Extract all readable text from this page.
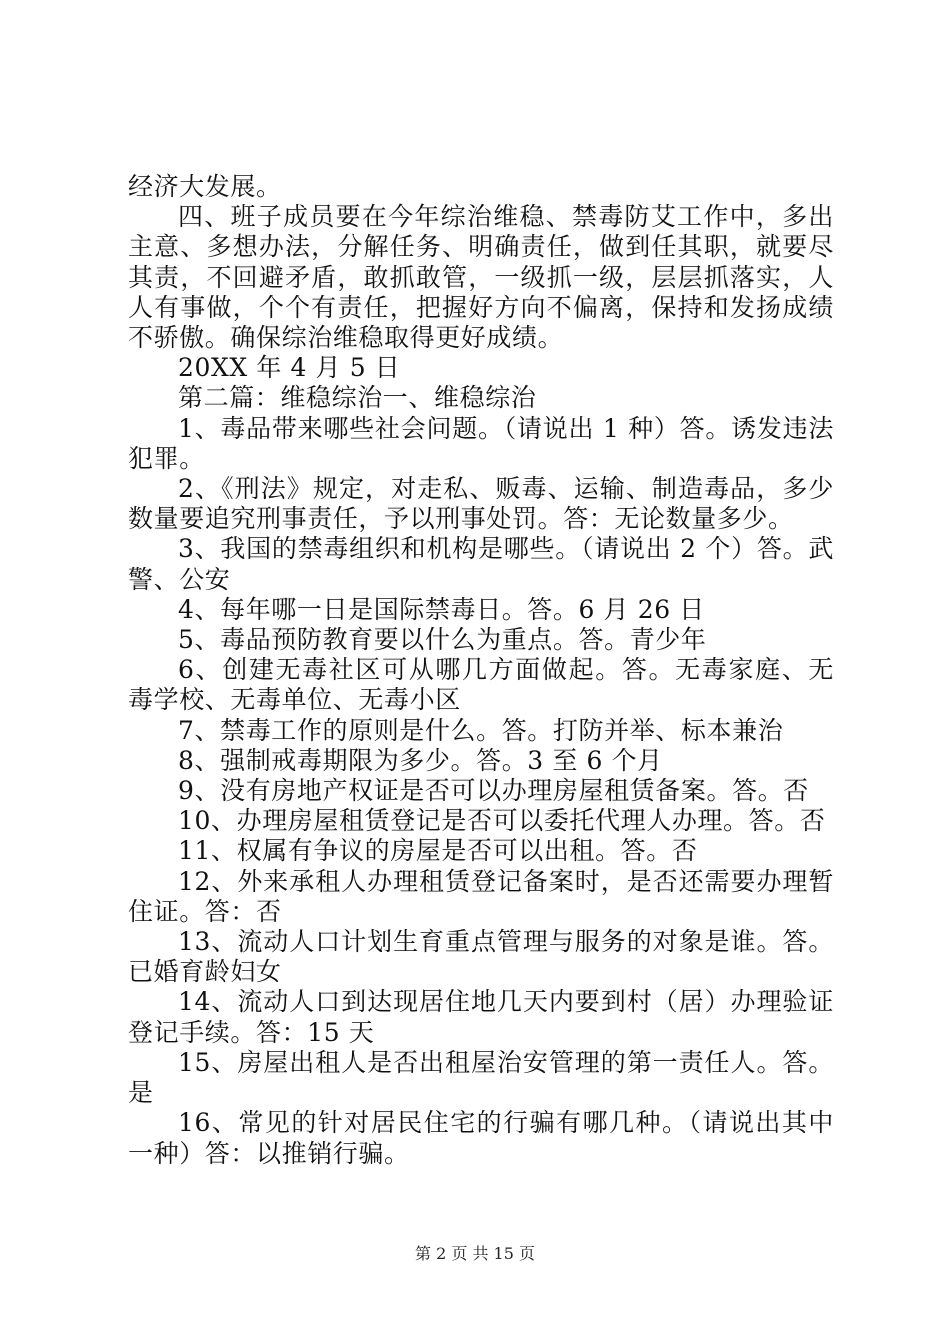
经济大发展。

四、班子成员要在今年综治维稳、禁毒防艾工作中，多出主意、多想办法，分解任务、明确责任，做到任其职，就要尽其责，不回避矛盾，敢抓敢管，一级抓一级，层层抓落实，人人有事做，个个有责任，把握好方向不偏离，保持和发扬成绩不骄傲。确保综治维稳取得更好成绩。

20XX 年 4 月 5 日

第二篇：维稳综治一、维稳综治

1、毒品带来哪些社会问题。（请说出 1 种）答。诱发违法犯罪。

2、《刑法》规定，对走私、贩毒、运输、制造毒品，多少数量要追究刑事责任，予以刑事处罚。答：无论数量多少。

3、我国的禁毒组织和机构是哪些。（请说出 2 个）答。武警、公安

4、每年哪一日是国际禁毒日。答。6 月 26 日

5、毒品预防教育要以什么为重点。答。青少年

6、创建无毒社区可从哪几方面做起。答。无毒家庭、无毒学校、无毒单位、无毒小区

7、禁毒工作的原则是什么。答。打防并举、标本兼治

8、强制戒毒期限为多少。答。3 至 6 个月

9、没有房地产权证是否可以办理房屋租赁备案。答。否

10、办理房屋租赁登记是否可以委托代理人办理。答。否

11、权属有争议的房屋是否可以出租。答。否

12、外来承租人办理租赁登记备案时，是否还需要办理暂住证。答：否

13、流动人口计划生育重点管理与服务的对象是谁。答。已婚育龄妇女

14、流动人口到达现居住地几天内要到村（居）办理验证登记手续。答：15 天

15、房屋出租人是否出租屋治安管理的第一责任人。答。是

16、常见的针对居民住宅的行骗有哪几种。（请说出其中一种）答：以推销行骗。

第 2 页 共 15 页
